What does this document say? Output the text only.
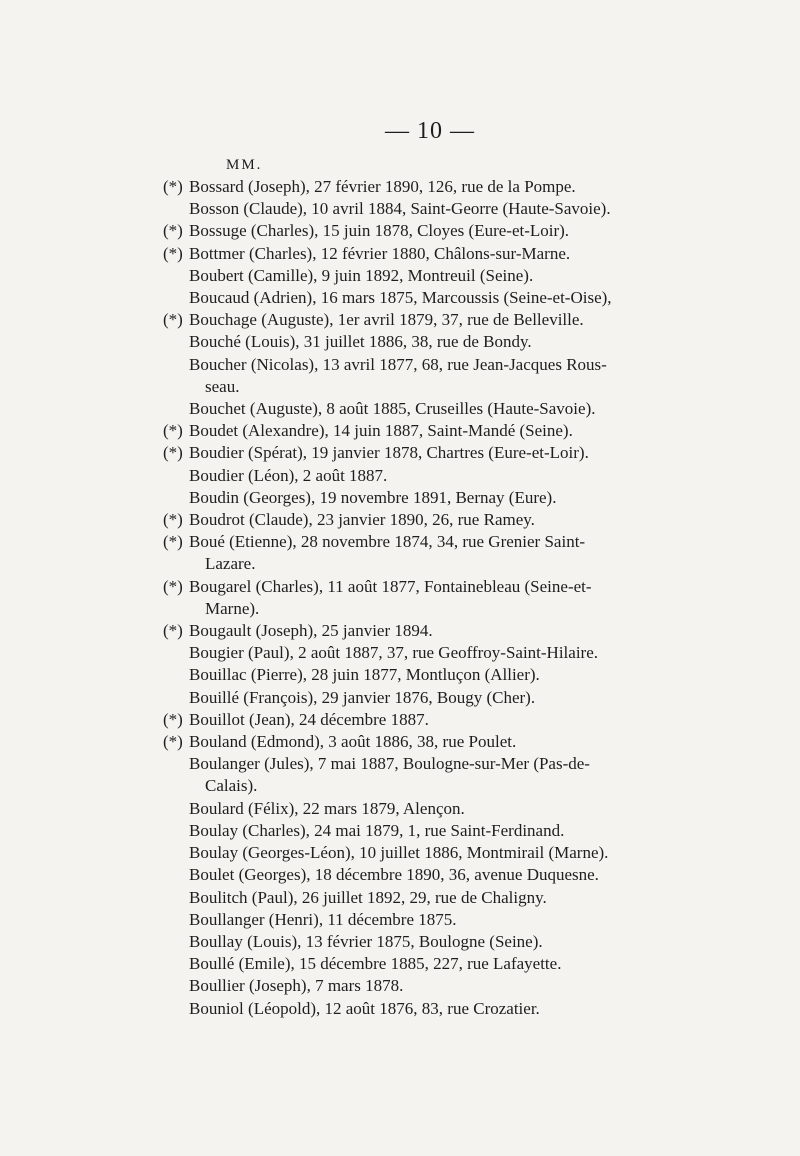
— 10 —
MM.
(*) Bossard (Joseph), 27 février 1890, 126, rue de la Pompe.
Bosson (Claude), 10 avril 1884, Saint-Georre (Haute-Savoie).
(*) Bossuge (Charles), 15 juin 1878, Cloyes (Eure-et-Loir).
(*) Bottmer (Charles), 12 février 1880, Châlons-sur-Marne.
Boubert (Camille), 9 juin 1892, Montreuil (Seine).
Boucaud (Adrien), 16 mars 1875, Marcoussis (Seine-et-Oise),
(*) Bouchage (Auguste), 1er avril 1879, 37, rue de Belleville.
Bouché (Louis), 31 juillet 1886, 38, rue de Bondy.
Boucher (Nicolas), 13 avril 1877, 68, rue Jean-Jacques Rous-
seau.
Bouchet (Auguste), 8 août 1885, Cruseilles (Haute-Savoie).
(*) Boudet (Alexandre), 14 juin 1887, Saint-Mandé (Seine).
(*) Boudier (Spérat), 19 janvier 1878, Chartres (Eure-et-Loir).
Boudier (Léon), 2 août 1887.
Boudin (Georges), 19 novembre 1891, Bernay (Eure).
(*) Boudrot (Claude), 23 janvier 1890, 26, rue Ramey.
(*) Boué (Etienne), 28 novembre 1874, 34, rue Grenier Saint-
Lazare.
(*) Bougarel (Charles), 11 août 1877, Fontainebleau (Seine-et-
Marne).
(*) Bougault (Joseph), 25 janvier 1894.
Bougier (Paul), 2 août 1887, 37, rue Geoffroy-Saint-Hilaire.
Bouillac (Pierre), 28 juin 1877, Montluçon (Allier).
Bouillé (François), 29 janvier 1876, Bougy (Cher).
(*) Bouillot (Jean), 24 décembre 1887.
(*) Bouland (Edmond), 3 août 1886, 38, rue Poulet.
Boulanger (Jules), 7 mai 1887, Boulogne-sur-Mer (Pas-de-
Calais).
Boulard (Félix), 22 mars 1879, Alençon.
Boulay (Charles), 24 mai 1879, 1, rue Saint-Ferdinand.
Boulay (Georges-Léon), 10 juillet 1886, Montmirail (Marne).
Boulet (Georges), 18 décembre 1890, 36, avenue Duquesne.
Boulitch (Paul), 26 juillet 1892, 29, rue de Chaligny.
Boullanger (Henri), 11 décembre 1875.
Boullay (Louis), 13 février 1875, Boulogne (Seine).
Boullé (Emile), 15 décembre 1885, 227, rue Lafayette.
Boullier (Joseph), 7 mars 1878.
Bouniol (Léopold), 12 août 1876, 83, rue Crozatier.
